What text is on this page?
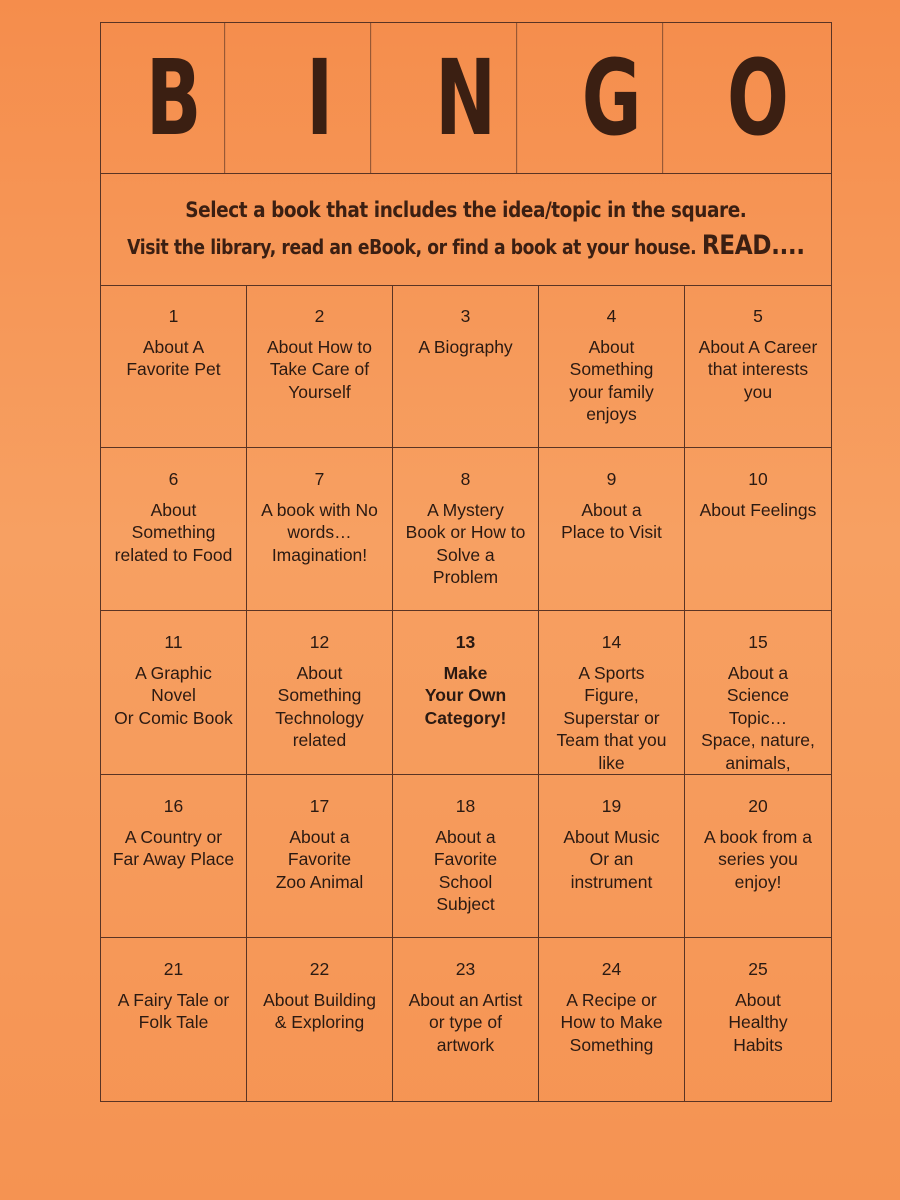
B	I N G O
Select a book that includes the idea/topic in the square.
Visit the library, read an eBook, or find a book at your house. READ....
1
About A
Favorite Pet
2
About How to
Take Care of
Yourself
3
A Biography
4
About
Something
your family
enjoys
5
About A Career
that interests
you
6
About
Something
related to Food
7
A book with No
words…
Imagination!
8
A Mystery
Book or How to
Solve a
Problem
9
About a
Place to Visit
10
About Feelings
11
A Graphic
Novel
Or Comic Book
12
About
Something
Technology
related
13
Make
Your Own
Category!
14
A Sports
Figure,
Superstar or
Team that you
like
15
About a
Science
Topic…
Space, nature,
animals,
16
A Country or
Far Away Place
17
About a
Favorite
Zoo Animal
18
About a
Favorite
School
Subject
19
About Music
Or an
instrument
20
A book from a
series you
enjoy!
21
A Fairy Tale or
Folk Tale
22
About Building
& Exploring
23
About an Artist
or type of
artwork
24
A Recipe or
How to Make
Something
25
About
Healthy
Habits
